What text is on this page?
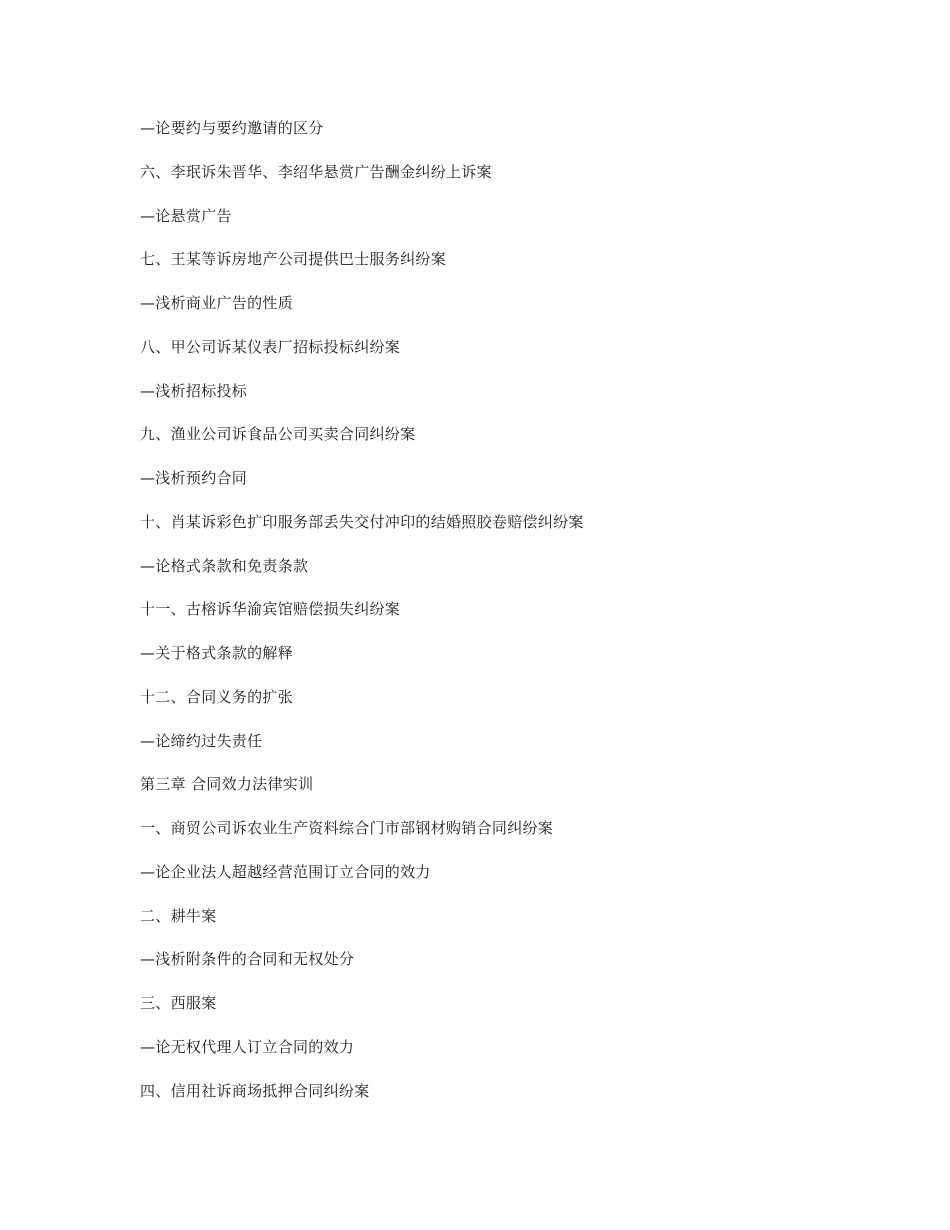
—论要约与要约邀请的区分
六、李珉诉朱晋华、李绍华悬赏广告酬金纠纷上诉案
—论悬赏广告
七、王某等诉房地产公司提供巴士服务纠纷案
—浅析商业广告的性质
八、甲公司诉某仪表厂招标投标纠纷案
—浅析招标投标
九、渔业公司诉食品公司买卖合同纠纷案
—浅析预约合同
十、肖某诉彩色扩印服务部丢失交付冲印的结婚照胶卷赔偿纠纷案
—论格式条款和免责条款
十一、古榕诉华渝宾馆赔偿损失纠纷案
—关于格式条款的解释
十二、合同义务的扩张
—论缔约过失责任
第三章 合同效力法律实训
一、商贸公司诉农业生产资料综合门市部钢材购销合同纠纷案
—论企业法人超越经营范围订立合同的效力
二、耕牛案
—浅析附条件的合同和无权处分
三、西服案
—论无权代理人订立合同的效力
四、信用社诉商场抵押合同纠纷案
